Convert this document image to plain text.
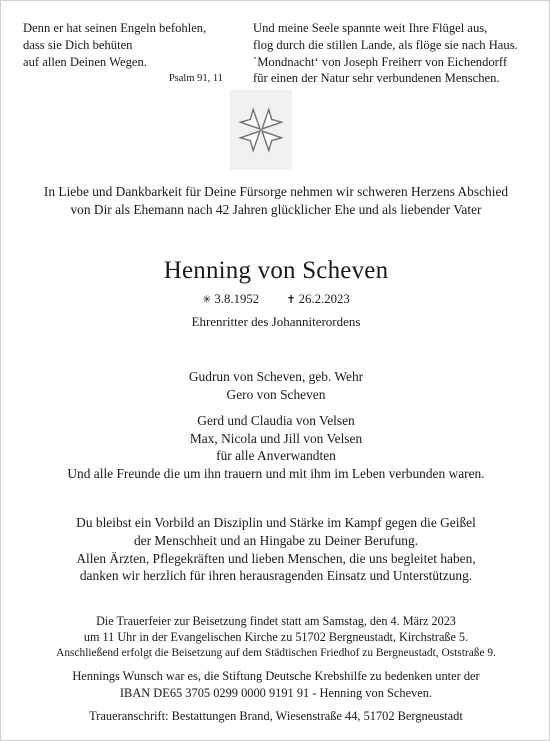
Denn er hat seinen Engeln befohlen,
dass sie Dich behüten
auf allen Deinen Wegen.
Psalm 91, 11
Und meine Seele spannte weit Ihre Flügel aus,
flog durch die stillen Lande, als flöge sie nach Haus.
`Mondnacht‘ von Joseph Freiherr von Eichendorff
für einen der Natur sehr verbundenen Menschen.
In Liebe und Dankbarkeit für Deine Fürsorge nehmen wir schweren Herzens Abschied
von Dir als Ehemann nach 42 Jahren glücklicher Ehe und als liebender Vater
Henning von Scheven
✳ 3.8.1952 ✝ 26.2.2023
Ehrenritter des Johanniterordens
Gudrun von Scheven, geb. Wehr
Gero von Scheven
Gerd und Claudia von Velsen
Max, Nicola und Jill von Velsen
für alle Anverwandten
Und alle Freunde die um ihn trauern und mit ihm im Leben verbunden waren.
Du bleibst ein Vorbild an Disziplin und Stärke im Kampf gegen die Geißel
der Menschheit und an Hingabe zu Deiner Berufung.
Allen Ärzten, Pflegekräften und lieben Menschen, die uns begleitet haben,
danken wir herzlich für ihren herausragenden Einsatz und Unterstützung.
Die Trauerfeier zur Beisetzung findet statt am Samstag, den 4. März 2023
um 11 Uhr in der Evangelischen Kirche zu 51702 Bergneustadt, Kirchstraße 5.
Anschließend erfolgt die Beisetzung auf dem Städtischen Friedhof zu Bergneustadt, Oststraße 9.
Hennings Wunsch war es, die Stiftung Deutsche Krebshilfe zu bedenken unter der
IBAN DE65 3705 0299 0000 9191 91 - Henning von Scheven.
Traueranschrift: Bestattungen Brand, Wiesenstraße 44, 51702 Bergneustadt
